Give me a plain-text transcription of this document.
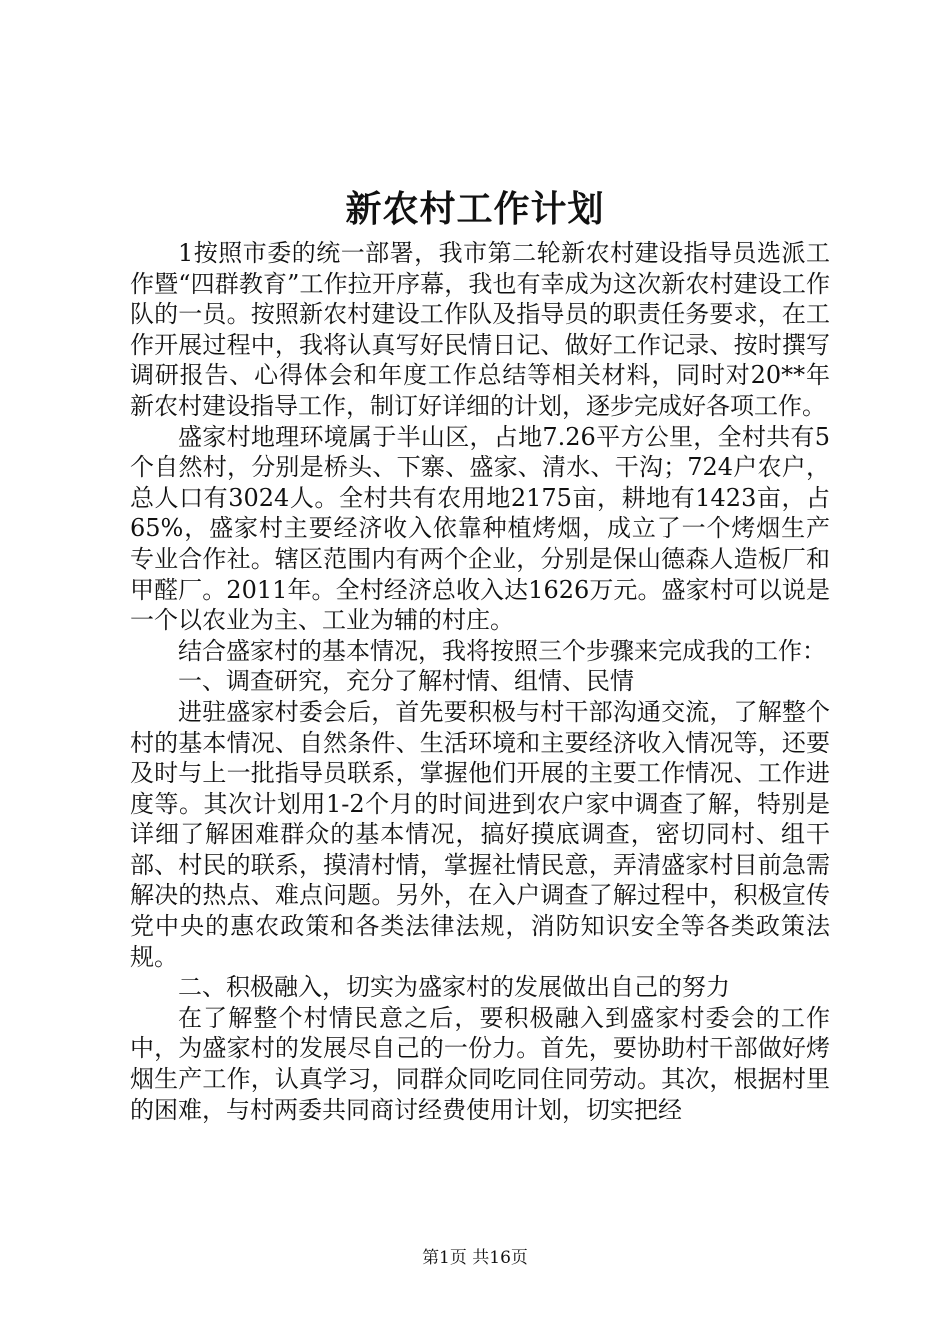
新农村工作计划

1按照市委的统一部署，我市第二轮新农村建设指导员选派工作暨“四群教育”工作拉开序幕，我也有幸成为这次新农村建设工作队的一员。按照新农村建设工作队及指导员的职责任务要求，在工作开展过程中，我将认真写好民情日记、做好工作记录、按时撰写调研报告、心得体会和年度工作总结等相关材料，同时对20**年新农村建设指导工作，制订好详细的计划，逐步完成好各项工作。

盛家村地理环境属于半山区，占地7.26平方公里，全村共有5个自然村，分别是桥头、下寨、盛家、清水、干沟；724户农户，总人口有3024人。全村共有农用地2175亩，耕地有1423亩，占65%，盛家村主要经济收入依靠种植烤烟，成立了一个烤烟生产专业合作社。辖区范围内有两个企业，分别是保山德森人造板厂和甲醛厂。2011年。全村经济总收入达1626万元。盛家村可以说是一个以农业为主、工业为辅的村庄。

结合盛家村的基本情况，我将按照三个步骤来完成我的工作：

一、调查研究，充分了解村情、组情、民情

进驻盛家村委会后，首先要积极与村干部沟通交流，了解整个村的基本情况、自然条件、生活环境和主要经济收入情况等，还要及时与上一批指导员联系，掌握他们开展的主要工作情况、工作进度等。其次计划用1-2个月的时间进到农户家中调查了解，特别是详细了解困难群众的基本情况，搞好摸底调查，密切同村、组干部、村民的联系，摸清村情，掌握社情民意，弄清盛家村目前急需解决的热点、难点问题。另外，在入户调查了解过程中，积极宣传党中央的惠农政策和各类法律法规，消防知识安全等各类政策法规。

二、积极融入，切实为盛家村的发展做出自己的努力

在了解整个村情民意之后，要积极融入到盛家村委会的工作中，为盛家村的发展尽自己的一份力。首先，要协助村干部做好烤烟生产工作，认真学习，同群众同吃同住同劳动。其次，根据村里的困难，与村两委共同商讨经费使用计划，切实把经

第1页 共16页
